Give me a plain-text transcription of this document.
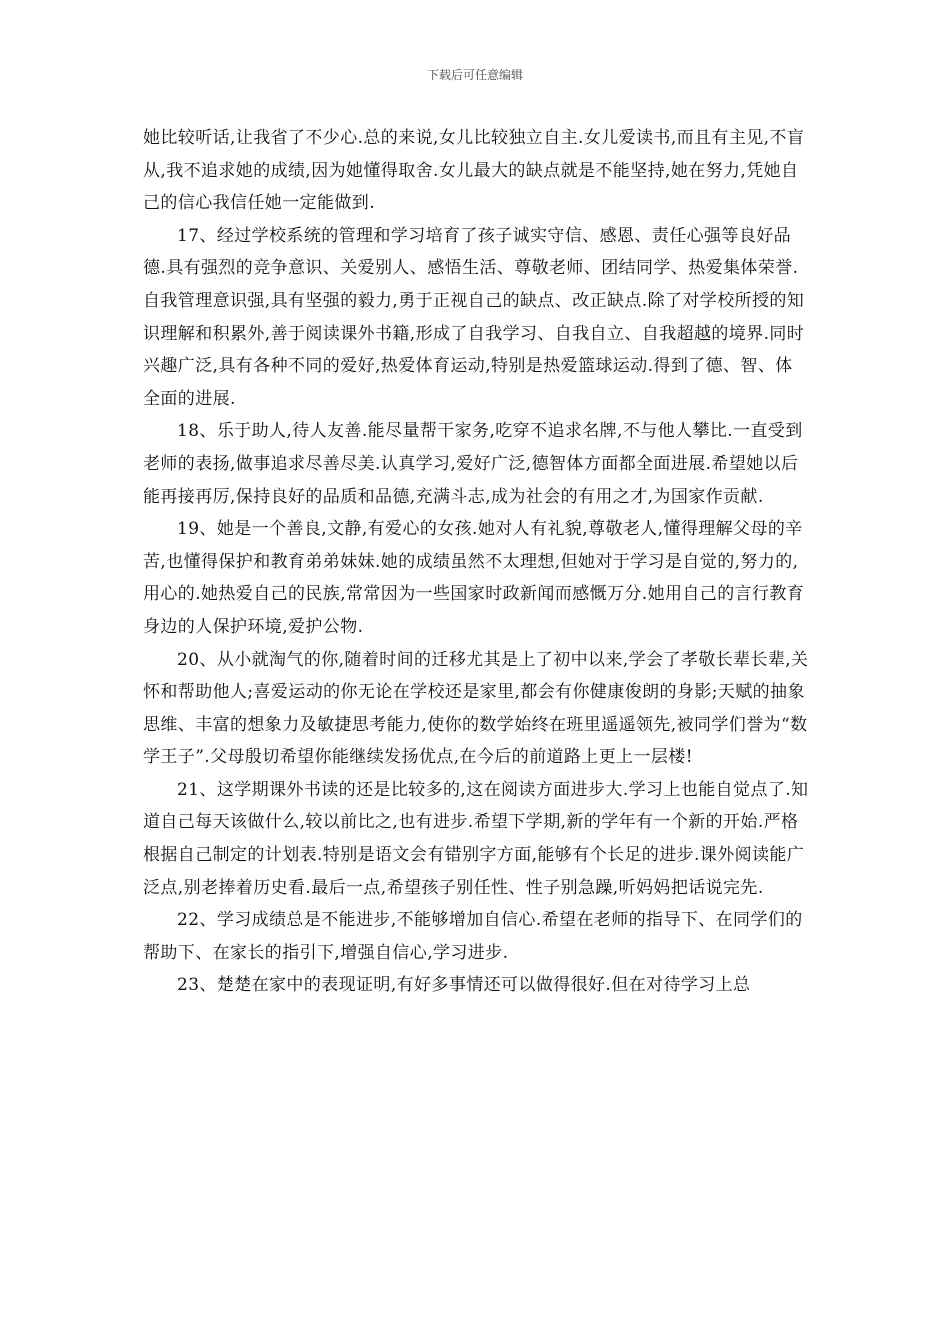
下载后可任意编辑

她比较听话,让我省了不少心.总的来说,女儿比较独立自主.女儿爱读书,而且有主见,不盲从,我不追求她的成绩,因为她懂得取舍.女儿最大的缺点就是不能坚持,她在努力,凭她自己的信心我信任她一定能做到.

17、经过学校系统的管理和学习培育了孩子诚实守信、感恩、责任心强等良好品德.具有强烈的竞争意识、关爱别人、感悟生活、尊敬老师、团结同学、热爱集体荣誉.自我管理意识强,具有坚强的毅力,勇于正视自己的缺点、改正缺点.除了对学校所授的知识理解和积累外,善于阅读课外书籍,形成了自我学习、自我自立、自我超越的境界.同时兴趣广泛,具有各种不同的爱好,热爱体育运动,特别是热爱篮球运动.得到了德、智、体全面的进展.

18、乐于助人,待人友善.能尽量帮干家务,吃穿不追求名牌,不与他人攀比.一直受到老师的表扬,做事追求尽善尽美.认真学习,爱好广泛,德智体方面都全面进展.希望她以后能再接再厉,保持良好的品质和品德,充满斗志,成为社会的有用之才,为国家作贡献.

19、她是一个善良,文静,有爱心的女孩.她对人有礼貌,尊敬老人,懂得理解父母的辛苦,也懂得保护和教育弟弟妹妹.她的成绩虽然不太理想,但她对于学习是自觉的,努力的,用心的.她热爱自己的民族,常常因为一些国家时政新闻而感慨万分.她用自己的言行教育身边的人保护环境,爱护公物.

20、从小就淘气的你,随着时间的迁移尤其是上了初中以来,学会了孝敬长辈长辈,关怀和帮助他人;喜爱运动的你无论在学校还是家里,都会有你健康俊朗的身影;天赋的抽象思维、丰富的想象力及敏捷思考能力,使你的数学始终在班里遥遥领先,被同学们誉为“数学王子”.父母殷切希望你能继续发扬优点,在今后的前道路上更上一层楼!

21、这学期课外书读的还是比较多的,这在阅读方面进步大.学习上也能自觉点了.知道自己每天该做什么,较以前比之,也有进步.希望下学期,新的学年有一个新的开始.严格根据自己制定的计划表.特别是语文会有错别字方面,能够有个长足的进步.课外阅读能广泛点,别老捧着历史看.最后一点,希望孩子别任性、性子别急躁,听妈妈把话说完先.

22、学习成绩总是不能进步,不能够增加自信心.希望在老师的指导下、在同学们的帮助下、在家长的指引下,增强自信心,学习进步.

23、楚楚在家中的表现证明,有好多事情还可以做得很好.但在对待学习上总
